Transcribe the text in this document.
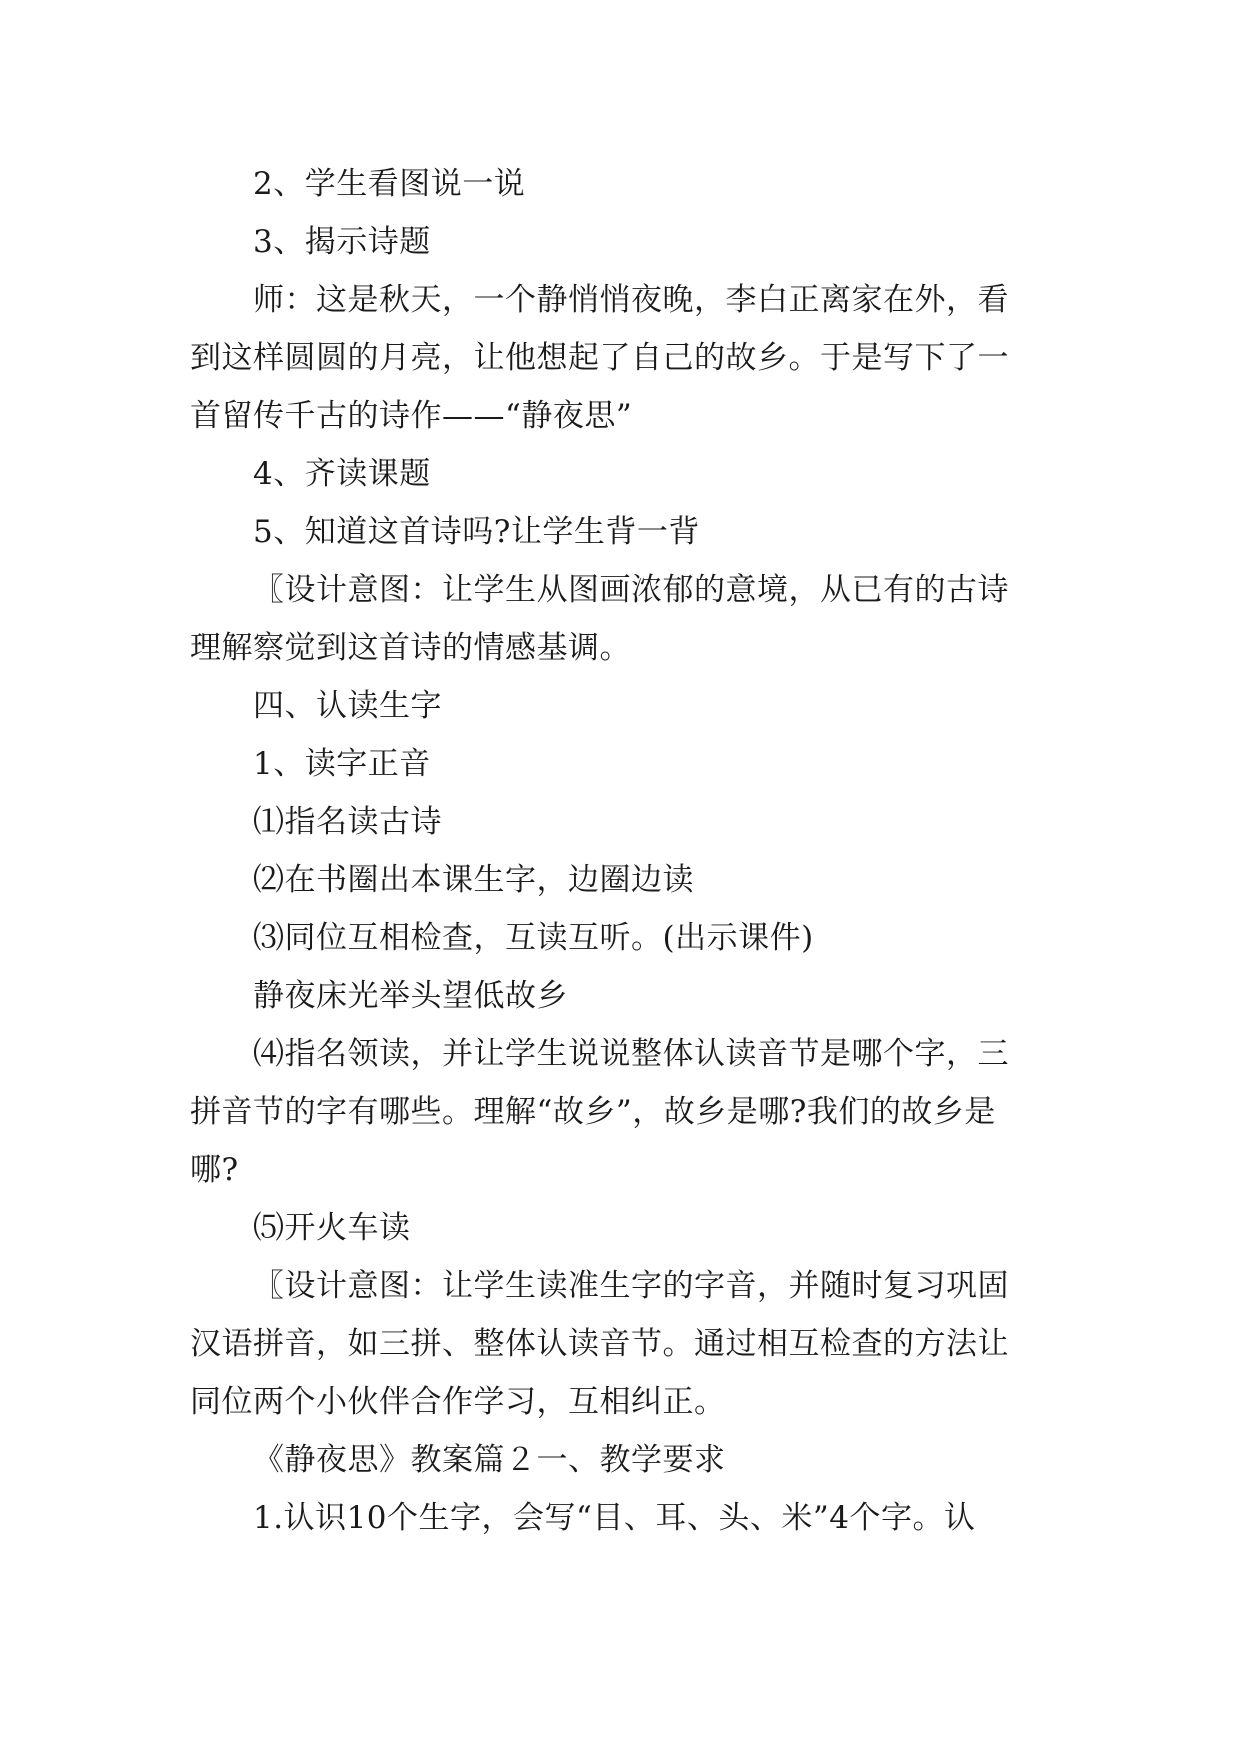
2、学生看图说一说
3、揭示诗题
师：这是秋天，一个静悄悄夜晚，李白正离家在外，看
到这样圆圆的月亮，让他想起了自己的故乡。于是写下了一
首留传千古的诗作——“静夜思”
4、齐读课题
5、知道这首诗吗?让学生背一背
〖设计意图：让学生从图画浓郁的意境，从已有的古诗
理解察觉到这首诗的情感基调。
四、认读生字
1、读字正音
⑴指名读古诗
⑵在书圈出本课生字，边圈边读
⑶同位互相检查，互读互听。(出示课件)
静夜床光举头望低故乡
⑷指名领读，并让学生说说整体认读音节是哪个字，三
拼音节的字有哪些。理解“故乡”，故乡是哪?我们的故乡是
哪?
⑸开火车读
〖设计意图：让学生读准生字的字音，并随时复习巩固
汉语拼音，如三拼、整体认读音节。通过相互检查的方法让
同位两个小伙伴合作学习，互相纠正。
《静夜思》教案篇２一、教学要求
1.认识10个生字，会写“目、耳、头、米”4个字。认
